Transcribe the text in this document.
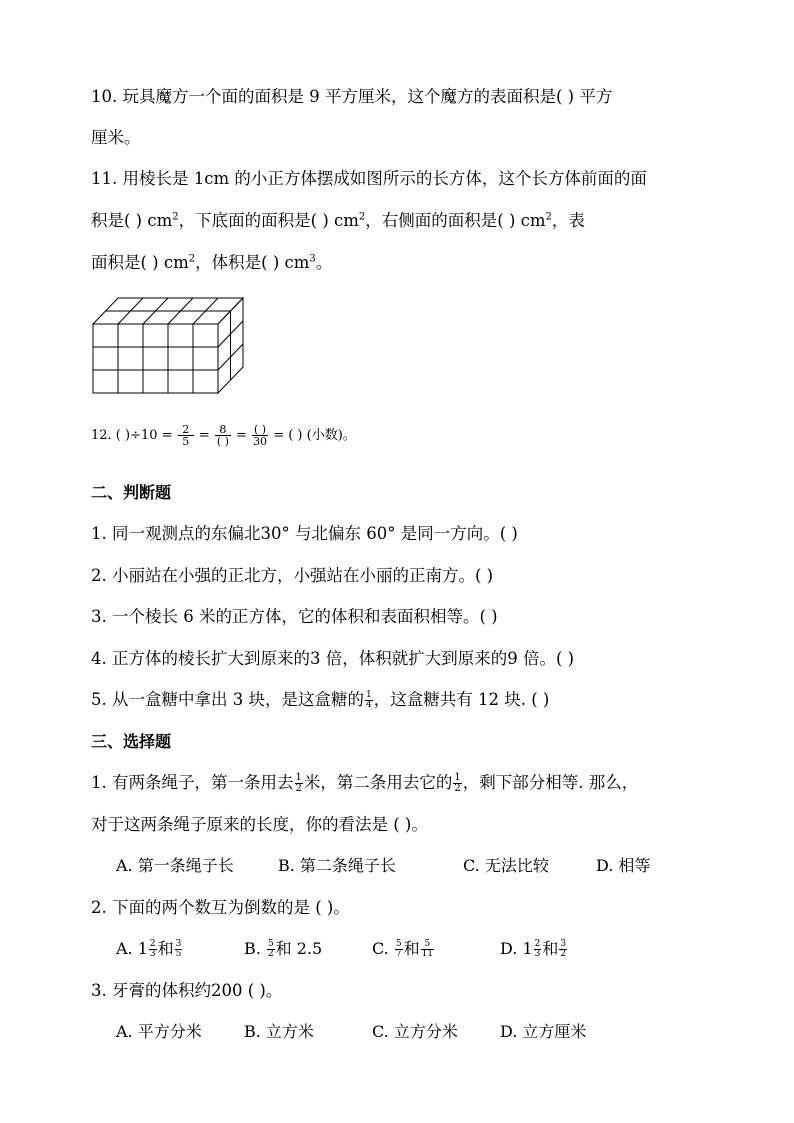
10. 玩具魔方一个面的面积是 9 平方厘米，这个魔方的表面积是( ) 平方
厘米。
11. 用棱长是 1cm 的小正方体摆成如图所示的长方体，这个长方体前面的面
积是( ) $cm^2$，下底面的面积是( ) $cm^2$，右侧面的面积是( ) $cm^2$，表
面积是( ) $cm^2$，体积是( ) $cm^3$。
12. ( )$\div 10 = \frac{2}{5} = \frac{8}{( )} = \frac{( )}{30}$ = ( ) (小数)。
二、判断题
1. 同一观测点的东偏北30° 与北偏东 60° 是同一方向。( )
2. 小丽站在小强的正北方，小强站在小丽的正南方。( )
3. 一个棱长 6 米的正方体，它的体积和表面积相等。( )
4. 正方体的棱长扩大到原来的3 倍，体积就扩大到原来的9 倍。( )
5. 从一盒糖中拿出 3 块，是这盒糖的 $\frac{1}{4}$ ，这盒糖共有 12 块. ( )
三、选择题
1. 有两条绳子，第一条用去 $\frac{1}{2}$ 米，第二条用去它的 $\frac{1}{2}$ ，剩下部分相等. 那么，
对于这两条绳子原来的长度，你的看法是 ( )。
A. 第一条绳子长	B. 第二条绳子长	C. 无法比较	D. 相等
2. 下面的两个数互为倒数的是 ( )。
A. $1 \frac{2}{3}$ 和 $\frac{3}{5}$	B. $\frac{5}{2}$ 和 2.5	C. $\frac{5}{7}$ 和 $\frac{5}{11}$	D. $1 \frac{2}{3}$ 和 $\frac{3}{2}$
3. 牙膏的体积约200 ( )。
A. 平方分米	B. 立方米	C. 立方分米	D. 立方厘米
